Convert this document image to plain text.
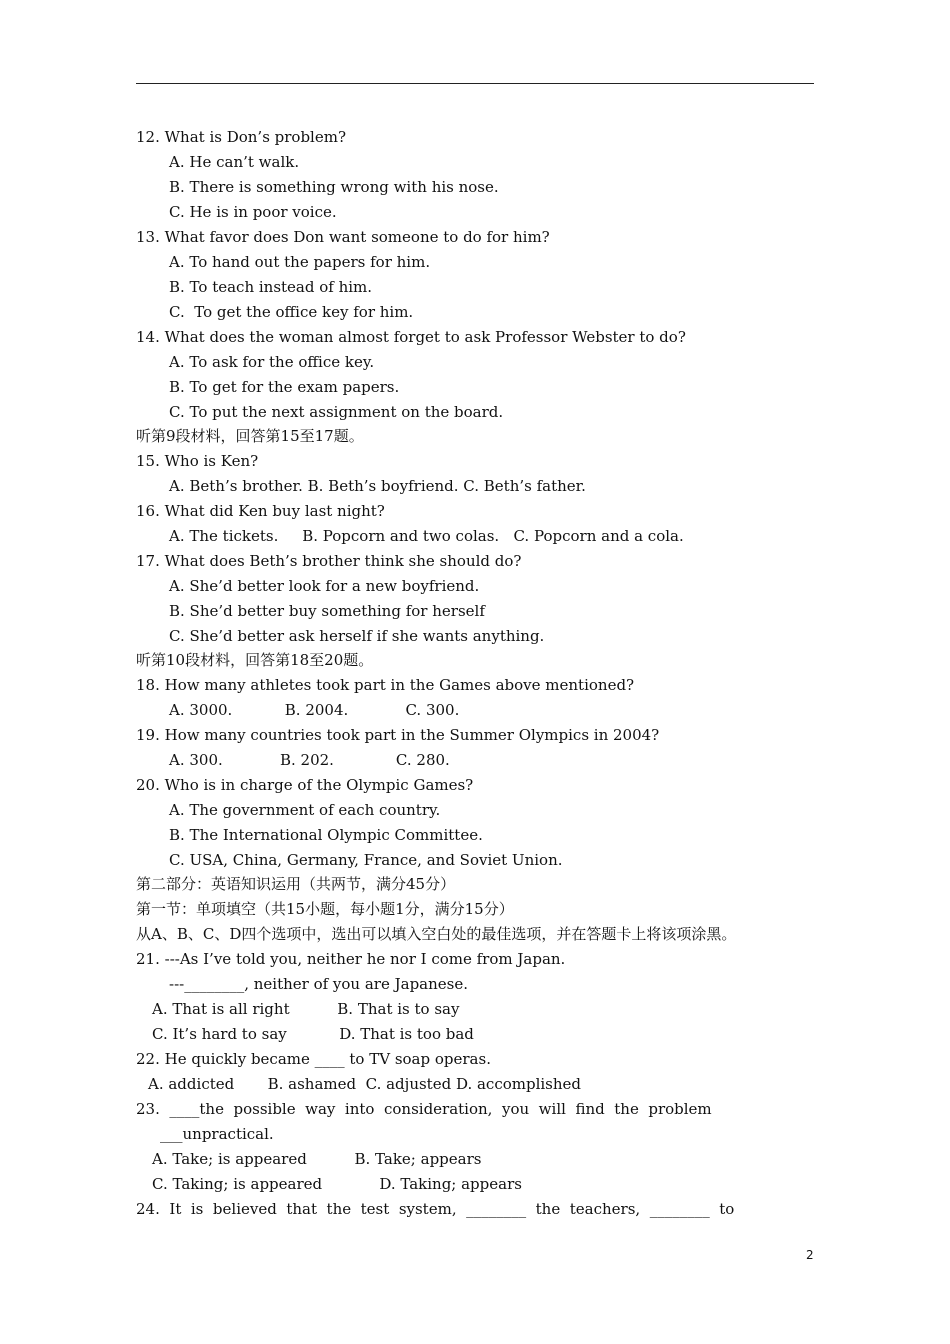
12. What is Don’s problem?
A. He can’t walk.
B. There is something wrong with his nose.
C. He is in poor voice.
13. What favor does Don want someone to do for him?
A. To hand out the papers for him.
B. To teach instead of him.
C.  To get the office key for him.
14. What does the woman almost forget to ask Professor Webster to do?
A. To ask for the office key.
B. To get for the exam papers.
C. To put the next assignment on the board.
听第9段材料，回答第15至17题。
15. Who is Ken?
A. Beth’s brother. B. Beth’s boyfriend. C. Beth’s father.
16. What did Ken buy last night?
A. The tickets.     B. Popcorn and two colas.   C. Popcorn and a cola.
17. What does Beth’s brother think she should do?
A. She’d better look for a new boyfriend.
B. She’d better buy something for herself
C. She’d better ask herself if she wants anything.
听第10段材料，回答第18至20题。
18. How many athletes took part in the Games above mentioned?
A. 3000.           B. 2004.            C. 300.
19. How many countries took part in the Summer Olympics in 2004?
A. 300.            B. 202.             C. 280.
20. Who is in charge of the Olympic Games?
A. The government of each country.
B. The International Olympic Committee.
C. USA, China, Germany, France, and Soviet Union.
第二部分：英语知识运用（共两节，满分45分）
第一节：单项填空（共15小题，每小题1分，满分15分）
从A、B、C、D四个选项中，选出可以填入空白处的最佳选项，并在答题卡上将该项涂黑。
21. ---As I’ve told you, neither he nor I come from Japan.
---________, neither of you are Japanese.
A. That is all right          B. That is to say
C. It’s hard to say           D. That is too bad
22. He quickly became ____ to TV soap operas.
A. addicted       B. ashamed  C. adjusted D. accomplished
23.  ____the  possible  way  into  consideration,  you  will  find  the  problem
___unpractical.
A. Take; is appeared          B. Take; appears
C. Taking; is appeared            D. Taking; appears
24.  It  is  believed  that  the  test  system,  ________  the  teachers,  ________  to
2
